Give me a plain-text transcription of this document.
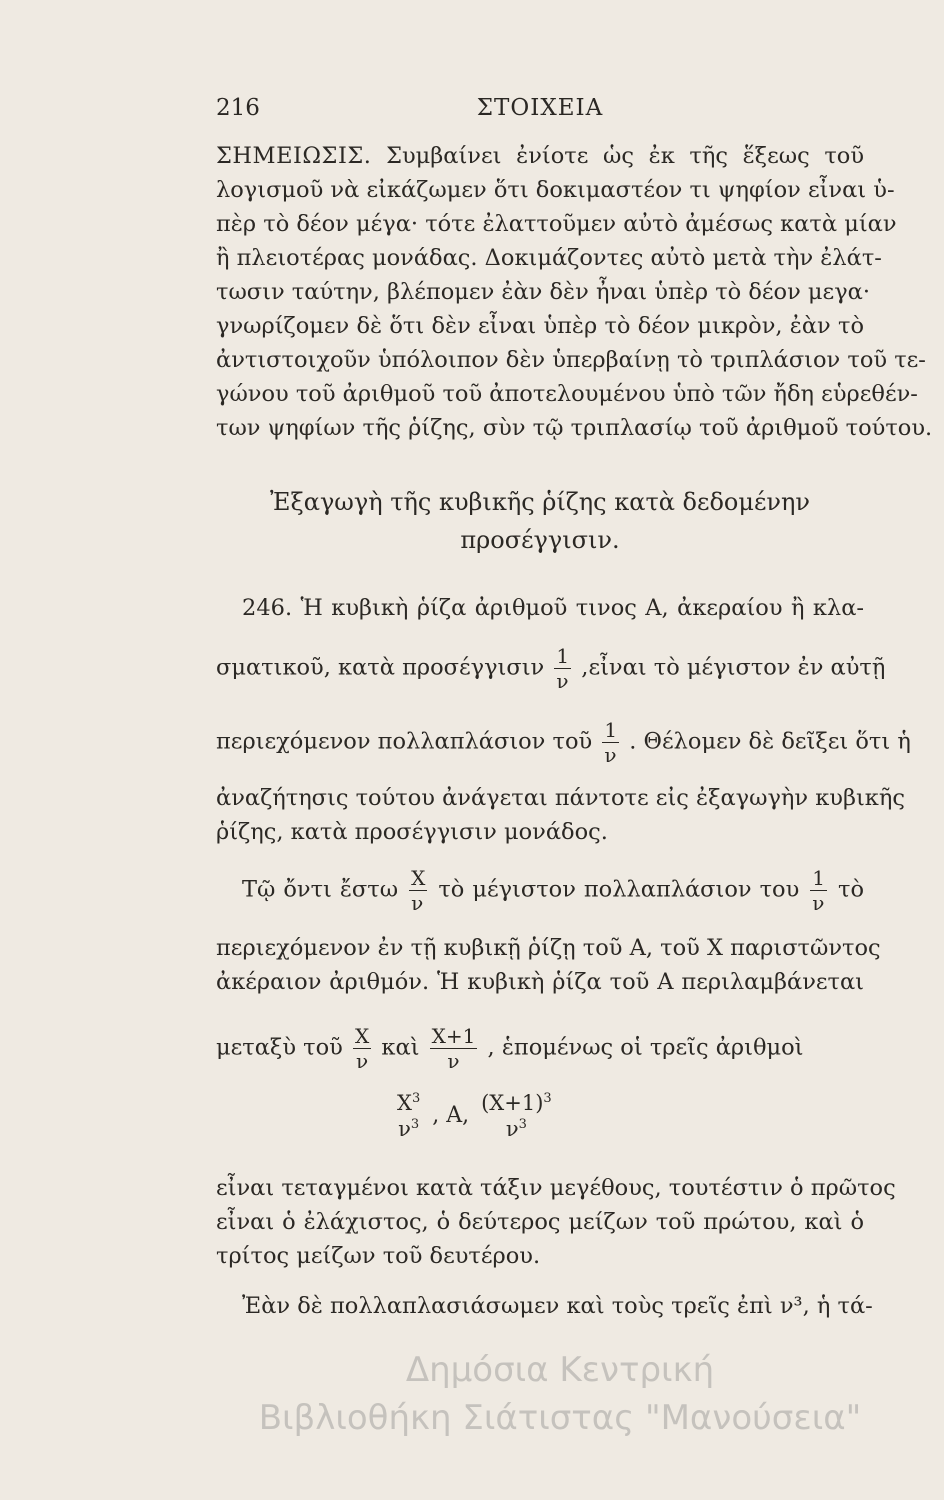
216	ΣΤΟΙΧΕΙΑ
ΣΗΜΕΙΩΣΙΣ. Συμβαίνει ἐνίοτε ὡς ἐκ τῆς ἕξεως τοῦ
λογισμοῦ νὰ εἰκάζωμεν ὅτι δοκιμαστέον τι ψηφίον εἶναι ὑ-
πὲρ τὸ δέον μέγα· τότε ἐλαττοῦμεν αὐτὸ ἀμέσως κατὰ μίαν
ἢ πλειοτέρας μονάδας. Δοκιμάζοντες αὐτὸ μετὰ τὴν ἐλάτ-
τωσιν ταύτην, βλέπομεν ἐὰν δὲν ἦναι ὑπὲρ τὸ δέον μεγα·
γνωρίζομεν δὲ ὅτι δὲν εἶναι ὑπὲρ τὸ δέον μικρὸν, ἐὰν τὸ
ἀντιστοιχοῦν ὑπόλοιπον δὲν ὑπερβαίνῃ τὸ τριπλάσιον τοῦ τε-
γώνου τοῦ ἀριθμοῦ τοῦ ἀποτελουμένου ὑπὸ τῶν ἤδη εὑρεθέν-
των ψηφίων τῆς ῥίζης, σὺν τῷ τριπλασίῳ τοῦ ἀριθμοῦ τούτου.
Ἐξαγωγὴ τῆς κυβικῆς ῥίζης κατὰ δεδομένην
προσέγγισιν.
246. Ἡ κυβικὴ ῥίζα ἀριθμοῦ τινος Α, ἀκεραίου ἢ κλα-
σματικοῦ, κατὰ προσέγγισιν $\frac{1}{\nu}$ ,εἶναι τὸ μέγιστον ἐν αὐτῇ
περιεχόμενον πολλαπλάσιον τοῦ $\frac{1}{\nu}$ . Θέλομεν δὲ δεῖξει ὅτι ἡ
ἀναζήτησις τούτου ἀνάγεται πάντοτε εἰς ἐξαγωγὴν κυβικῆς
ῥίζης, κατὰ προσέγγισιν μονάδος.
Τῷ ὄντι ἔστω $\frac{X}{\nu}$ τὸ μέγιστον πολλαπλάσιον του $\frac{1}{\nu}$ τὸ
περιεχόμενον ἐν τῇ κυβικῇ ῥίζῃ τοῦ Α, τοῦ Χ παριστῶντος
ἀκέραιον ἀριθμόν. Ἡ κυβικὴ ῥίζα τοῦ Α περιλαμβάνεται
μεταξὺ τοῦ $\frac{X}{\nu}$ καὶ $\frac{X+1}{\nu}$ , ἑπομένως οἱ τρεῖς ἀριθμοὶ
$X^3$
$\nu^3$ , Α, $(X+1)^3$
$\nu^3$
εἶναι τεταγμένοι κατὰ τάξιν μεγέθους, τουτέστιν ὁ πρῶτος
εἶναι ὁ ἐλάχιστος, ὁ δεύτερος μείζων τοῦ πρώτου, καὶ ὁ
τρίτος μείζων τοῦ δευτέρου.
Ἐὰν δὲ πολλαπλασιάσωμεν καὶ τοὺς τρεῖς ἐπὶ ν³, ἡ τά-
Δημόσια Κεντρική
Βιβλιοθήκη Σιάτιστας "Μανούσεια"
